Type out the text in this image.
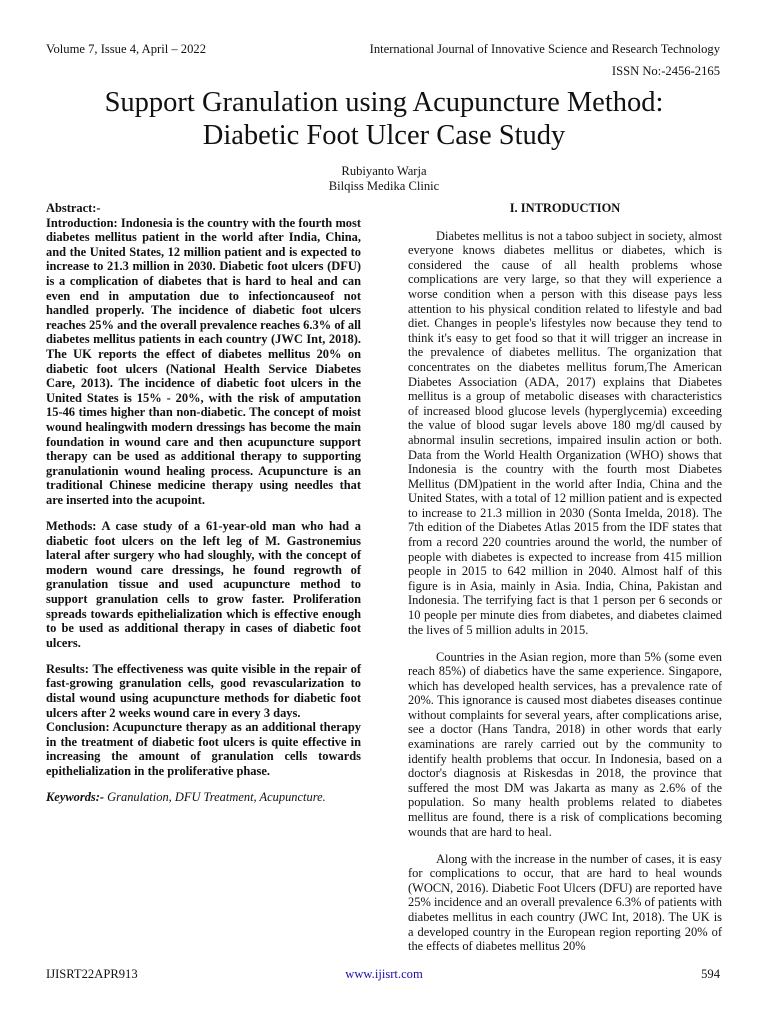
Volume 7, Issue 4, April – 2022	International Journal of Innovative Science and Research Technology
ISSN No:-2456-2165
Support Granulation using Acupuncture Method:
Diabetic Foot Ulcer Case Study
Rubiyanto Warja
Bilqiss Medika Clinic

Abstract:-

Introduction: Indonesia is the country with the fourth most diabetes mellitus patient in the world after India, China, and the United States, 12 million patient and is expected to increase to 21.3 million in 2030. Diabetic foot ulcers (DFU) is a complication of diabetes that is hard to heal and can even end in amputation due to infectioncauseof not handled properly. The incidence of diabetic foot ulcers reaches 25% and the overall prevalence reaches 6.3% of all diabetes mellitus patients in each country (JWC Int, 2018). The UK reports the effect of diabetes mellitus 20% on diabetic foot ulcers (National Health Service Diabetes Care, 2013). The incidence of diabetic foot ulcers in the United States is 15% - 20%, with the risk of amputation 15-46 times higher than non-diabetic. The concept of moist wound healingwith modern dressings has become the main foundation in wound care and then acupuncture support therapy can be used as additional therapy to supporting granulationin wound healing process. Acupuncture is an traditional Chinese medicine therapy using needles that are inserted into the acupoint.

Methods: A case study of a 61-year-old man who had a diabetic foot ulcers on the left leg of M. Gastronemius lateral after surgery who had sloughly, with the concept of modern wound care dressings, he found regrowth of granulation tissue and used acupuncture method to support granulation cells to grow faster. Proliferation spreads towards epithelialization which is effective enough to be used as additional therapy in cases of diabetic foot ulcers.

Results: The effectiveness was quite visible in the repair of fast-growing granulation cells, good revascularization to distal wound using acupuncture methods for diabetic foot ulcers after 2 weeks wound care in every 3 days.

Conclusion: Acupuncture therapy as an additional therapy in the treatment of diabetic foot ulcers is quite effective in increasing the amount of granulation cells towards epithelialization in the proliferative phase.

Keywords:- Granulation, DFU Treatment, Acupuncture.

I. INTRODUCTION

Diabetes mellitus is not a taboo subject in society, almost everyone knows diabetes mellitus or diabetes, which is considered the cause of all health problems whose complications are very large, so that they will experience a worse condition when a person with this disease pays less attention to his physical condition related to lifestyle and bad diet. Changes in people's lifestyles now because they tend to think it's easy to get food so that it will trigger an increase in the prevalence of diabetes mellitus. The organization that concentrates on the diabetes mellitus forum,The American Diabetes Association (ADA, 2017) explains that Diabetes mellitus is a group of metabolic diseases with characteristics of increased blood glucose levels (hyperglycemia) exceeding the value of blood sugar levels above 180 mg/dl caused by abnormal insulin secretions, impaired insulin action or both. Data from the World Health Organization (WHO) shows that Indonesia is the country with the fourth most Diabetes Mellitus (DM)patient in the world after India, China and the United States, with a total of 12 million patient and is expected to increase to 21.3 million in 2030 (Sonta Imelda, 2018). The 7th edition of the Diabetes Atlas 2015 from the IDF states that from a record 220 countries around the world, the number of people with diabetes is expected to increase from 415 million people in 2015 to 642 million in 2040. Almost half of this figure is in Asia, mainly in Asia. India, China, Pakistan and Indonesia. The terrifying fact is that 1 person per 6 seconds or 10 people per minute dies from diabetes, and diabetes claimed the lives of 5 million adults in 2015.

Countries in the Asian region, more than 5% (some even reach 85%) of diabetics have the same experience. Singapore, which has developed health services, has a prevalence rate of 20%. This ignorance is caused most diabetes diseases continue without complaints for several years, after complications arise, see a doctor (Hans Tandra, 2018) in other words that early examinations are rarely carried out by the community to identify health problems that occur. In Indonesia, based on a doctor's diagnosis at Riskesdas in 2018, the province that suffered the most DM was Jakarta as many as 2.6% of the population. So many health problems related to diabetes mellitus are found, there is a risk of complications becoming wounds that are hard to heal.

Along with the increase in the number of cases, it is easy for complications to occur, that are hard to heal wounds (WOCN, 2016). Diabetic Foot Ulcers (DFU) are reported have 25% incidence and an overall prevalence 6.3% of patients with diabetes mellitus in each country (JWC Int, 2018). The UK is a developed country in the European region reporting 20% of the effects of diabetes mellitus 20%

IJISRT22APR913	www.ijisrt.com	594
